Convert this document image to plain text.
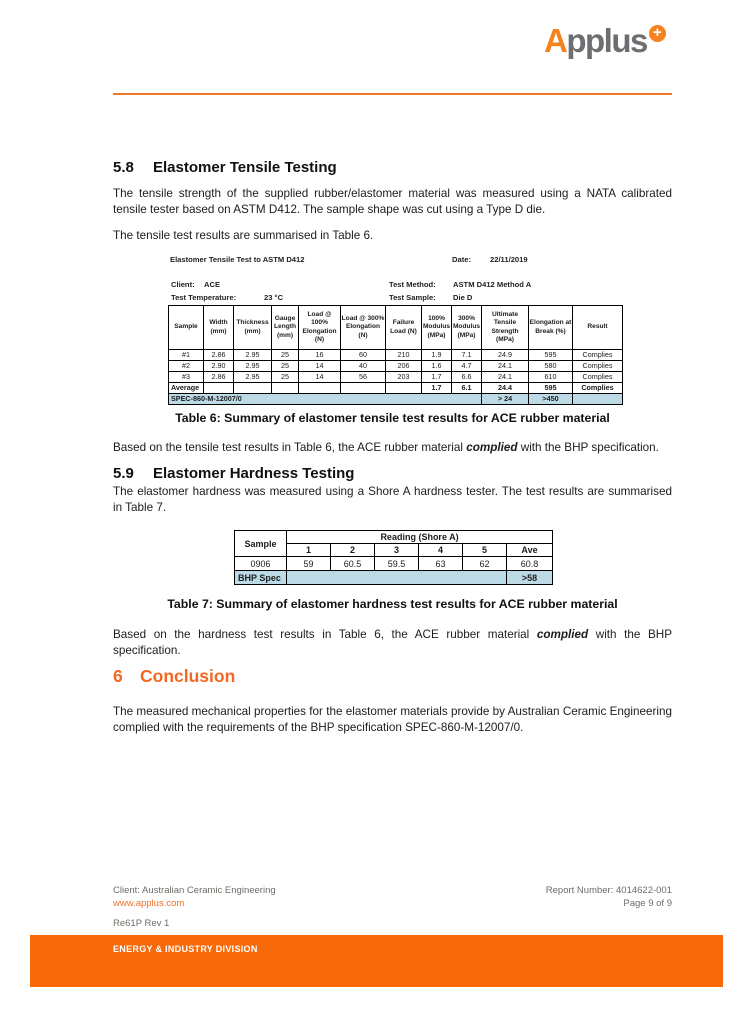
Applus +
5.8 Elastomer Tensile Testing
The tensile strength of the supplied rubber/elastomer material was measured using a NATA calibrated tensile tester based on ASTM D412. The sample shape was cut using a Type D die.
The tensile test results are summarised in Table 6.
Elastomer Tensile Test to ASTM D412	Date:	22/11/2019
Client: ACE	Test Method: ASTM D412 Method A
Test Temperature:	23 °C	Test Sample: Die D
Sample	Width (mm)	Thickness (mm)	Gauge Length (mm)	Load @ 100% Elongation (N)	Load @ 300% Elongation (N)	Failure Load (N)	100% Modulus (MPa)	300% Modulus (MPa)	Ultimate Tensile Strength (MPa)	Elongation at Break (%)	Result
#1	2.86	2.95	25	16	60	210	1.9	7.1	24.9	595	Complies
#2	2.90	2.95	25	14	40	206	1.6	4.7	24.1	580	Complies
#3	2.86	2.95	25	14	56	203	1.7	6.6	24.1	610	Complies
Average							1.7	6.1	24.4	595	Complies
SPEC-860-M-12007/0									> 24	>450	
Table 6: Summary of elastomer tensile test results for ACE rubber material
Based on the tensile test results in Table 6, the ACE rubber material complied with the BHP specification.
5.9 Elastomer Hardness Testing
The elastomer hardness was measured using a Shore A hardness tester. The test results are summarised in Table 7.
Sample	Reading (Shore A)					
	1	2	3	4	5	Ave
0906	59	60.5	59.5	63	62	60.8
BHP Spec						>58
Table 7: Summary of elastomer hardness test results for ACE rubber material
Based on the hardness test results in Table 6, the ACE rubber material complied with the BHP specification.
6 Conclusion
The measured mechanical properties for the elastomer materials provide by Australian Ceramic Engineering complied with the requirements of the BHP specification SPEC-860-M-12007/0.
Client: Australian Ceramic Engineering
www.applus.com
Report Number: 4014622-001
Page 9 of 9
Re61P Rev 1
ENERGY & INDUSTRY DIVISION
